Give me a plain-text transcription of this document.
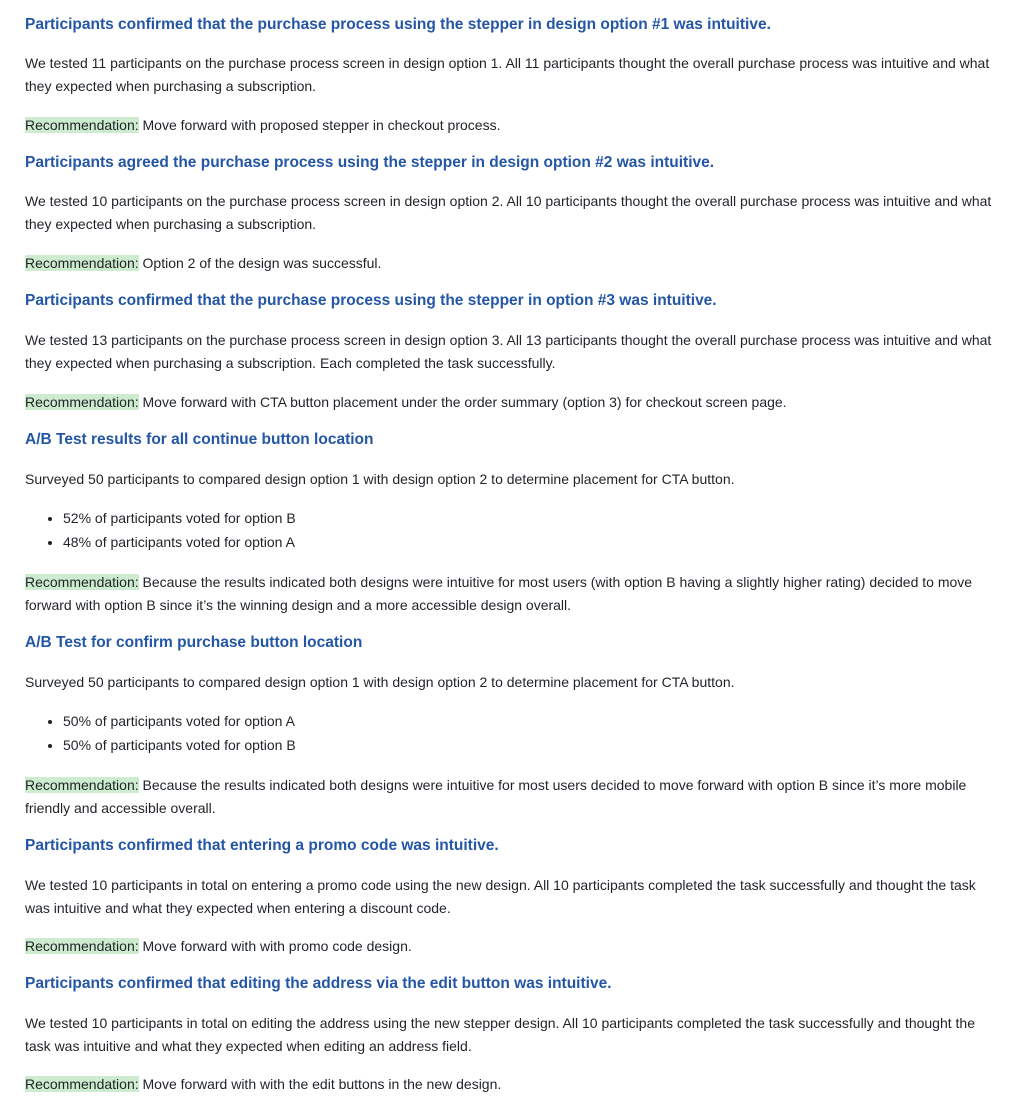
Participants confirmed that the purchase process using the stepper in design option #1 was intuitive.

We tested 11 participants on the purchase process screen in design option 1. All 11 participants thought the overall purchase process was intuitive and what they expected when purchasing a subscription.

Recommendation: Move forward with proposed stepper in checkout process.

Participants agreed the purchase process using the stepper in design option #2 was intuitive.

We tested 10 participants on the purchase process screen in design option 2. All 10 participants thought the overall purchase process was intuitive and what they expected when purchasing a subscription.

Recommendation: Option 2 of the design was successful.

Participants confirmed that the purchase process using the stepper in option #3 was intuitive.

We tested 13 participants on the purchase process screen in design option 3. All 13 participants thought the overall purchase process was intuitive and what they expected when purchasing a subscription. Each completed the task successfully.

Recommendation: Move forward with CTA button placement under the order summary (option 3) for checkout screen page.

A/B Test results for all continue button location

Surveyed 50 participants to compared design option 1 with design option 2 to determine placement for CTA button.

• 52% of participants voted for option B
• 48% of participants voted for option A

Recommendation: Because the results indicated both designs were intuitive for most users (with option B having a slightly higher rating) decided to move forward with option B since it’s the winning design and a more accessible design overall.

A/B Test for confirm purchase button location

Surveyed 50 participants to compared design option 1 with design option 2 to determine placement for CTA button.

• 50% of participants voted for option A
• 50% of participants voted for option B

Recommendation: Because the results indicated both designs were intuitive for most users decided to move forward with option B since it’s more mobile friendly and accessible overall.

Participants confirmed that entering a promo code was intuitive.

We tested 10 participants in total on entering a promo code using the new design. All 10 participants completed the task successfully and thought the task was intuitive and what they expected when entering a discount code.

Recommendation: Move forward with with promo code design.

Participants confirmed that editing the address via the edit button was intuitive.

We tested 10 participants in total on editing the address using the new stepper design. All 10 participants completed the task successfully and thought the task was intuitive and what they expected when editing an address field.

Recommendation: Move forward with with the edit buttons in the new design.
